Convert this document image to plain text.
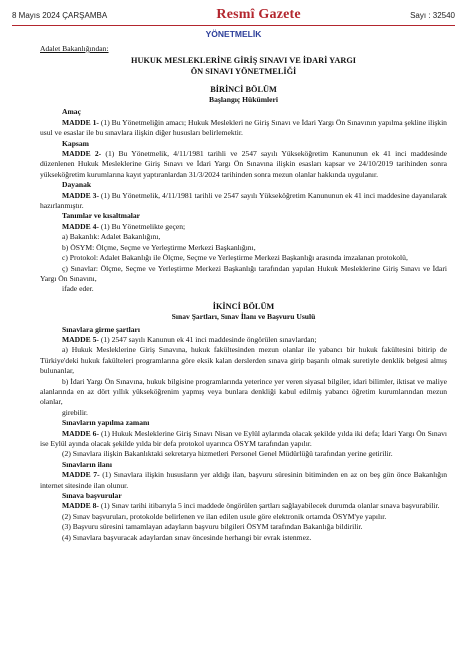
8 Mayıs 2024 ÇARŞAMBA	Resmî Gazete	Sayı : 32540
YÖNETMELİK

Adalet Bakanlığından:

HUKUK MESLEKLERİNE GİRİŞ SINAVI VE İDARİ YARGI

ÖN SINAVI YÖNETMELİĞİ

BİRİNCİ BÖLÜM

Başlangıç Hükümleri

Amaç

MADDE 1- (1) Bu Yönetmeliğin amacı; Hukuk Meslekleri ne Giriş Sınavı ve İdari Yargı Ön Sınavının yapılma şekline ilişkin usul ve esaslar ile bu sınavlara ilişkin diğer hususları belirlemektir.

Kapsam

MADDE 2- (1) Bu Yönetmelik, 4/11/1981 tarihli ve 2547 sayılı Yükseköğretim Kanununun ek 41 inci maddesinde düzenlenen Hukuk Mesleklerine Giriş Sınavı ve İdari Yargı Ön Sınavına ilişkin esasları kapsar ve 24/10/2019 tarihinden sonra yükseköğretim kurumlarına kayıt yaptıranlardan 31/3/2024 tarihinden sonra mezun olanlar hakkında uygulanır.

Dayanak

MADDE 3- (1) Bu Yönetmelik, 4/11/1981 tarihli ve 2547 sayılı Yükseköğretim Kanununun ek 41 inci maddesine dayanılarak hazırlanmıştır.

Tanımlar ve kısaltmalar

MADDE 4- (1) Bu Yönetmelikte geçen;

a) Bakanlık: Adalet Bakanlığını,

b) ÖSYM: Ölçme, Seçme ve Yerleştirme Merkezi Başkanlığını,

c) Protokol: Adalet Bakanlığı ile Ölçme, Seçme ve Yerleştirme Merkezi Başkanlığı arasında imzalanan protokolü,

ç) Sınavlar: Ölçme, Seçme ve Yerleştirme Merkezi Başkanlığı tarafından yapılan Hukuk Mesleklerine Giriş Sınavı ve İdari Yargı Ön Sınavını,

ifade eder.

İKİNCİ BÖLÜM

Sınav Şartları, Sınav İlanı ve Başvuru Usulü

Sınavlara girme şartları

MADDE 5- (1) 2547 sayılı Kanunun ek 41 inci maddesinde öngörülen sınavlardan;

a) Hukuk Mesleklerine Giriş Sınavına, hukuk fakültesinden mezun olanlar ile yabancı bir hukuk fakültesini bitirip de Türkiye'deki hukuk fakülteleri programlarına göre eksik kalan derslerden sınava girip başarılı olmak suretiyle denklik belgesi almış bulunanlar,

b) İdari Yargı Ön Sınavına, hukuk bilgisine programlarında yeterince yer veren siyasal bilgiler, idari bilimler, iktisat ve maliye alanlarında en az dört yıllık yükseköğrenim yapmış veya bunlara denkliği kabul edilmiş yabancı öğretim kurumlarından mezun olanlar,

girebilir.

Sınavların yapılma zamanı

MADDE 6- (1) Hukuk Mesleklerine Giriş Sınavı Nisan ve Eylül aylarında olacak şekilde yılda iki defa; İdari Yargı Ön Sınavı ise Eylül ayında olacak şekilde yılda bir defa protokol uyarınca ÖSYM tarafından yapılır.

(2) Sınavlara ilişkin Bakanlıktaki sekretarya hizmetleri Personel Genel Müdürlüğü tarafından yerine getirilir.

Sınavların ilanı

MADDE 7- (1) Sınavlara ilişkin hususların yer aldığı ilan, başvuru süresinin bitiminden en az on beş gün önce Bakanlığın internet sitesinde ilan olunur.

Sınava başvurular

MADDE 8- (1) Sınav tarihi itibarıyla 5 inci maddede öngörülen şartları sağlayabilecek durumda olanlar sınava başvurabilir.

(2) Sınav başvuruları, protokolde belirlenen ve ilan edilen usule göre elektronik ortamda ÖSYM'ye yapılır.

(3) Başvuru süresini tamamlayan adayların başvuru bilgileri ÖSYM tarafından Bakanlığa bildirilir.

(4) Sınavlara başvuracak adaylardan sınav öncesinde herhangi bir evrak istenmez.
